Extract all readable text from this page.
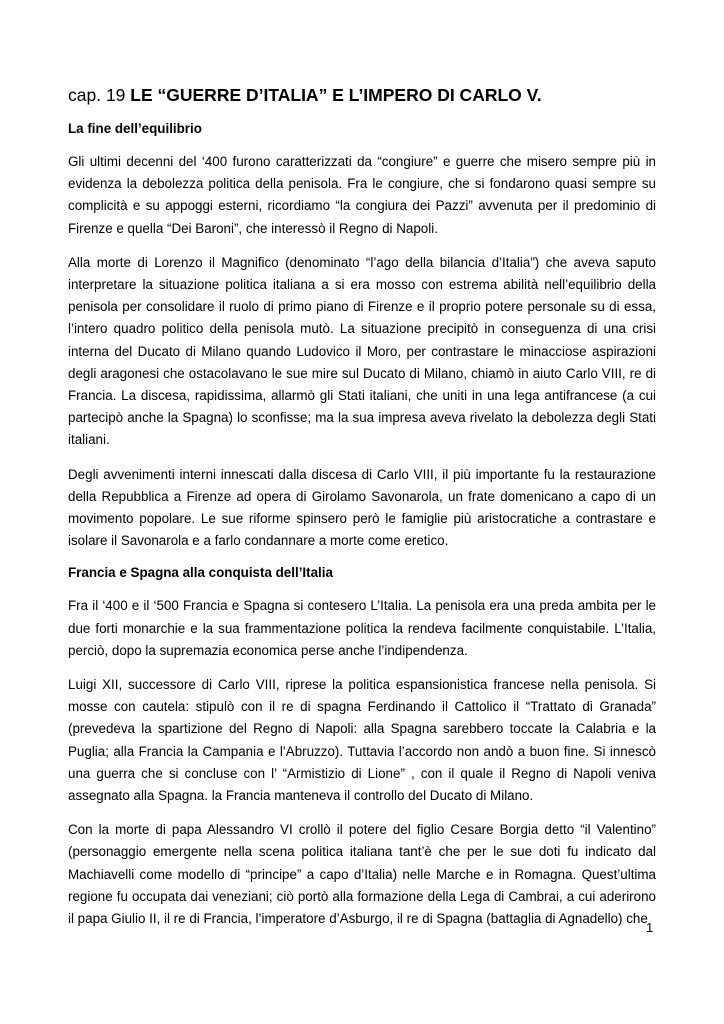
cap. 19 LE “GUERRE D’ITALIA” E L’IMPERO DI CARLO V.
La fine dell’equilibrio

Gli ultimi decenni del ‘400 furono caratterizzati da “congiure” e guerre che misero sempre più in evidenza la debolezza politica della penisola. Fra le congiure, che si fondarono quasi sempre su complicità e su appoggi esterni, ricordiamo “la congiura dei Pazzi” avvenuta per il predominio di Firenze e quella “Dei Baroni”, che interessò il Regno di Napoli.

Alla morte di Lorenzo il Magnifico (denominato “l’ago della bilancia d’Italia”) che aveva saputo interpretare la situazione politica italiana a si era mosso con estrema abilità nell’equilibrio della penisola per consolidare il ruolo di primo piano di Firenze e il proprio potere personale su di essa, l’intero quadro politico della penisola mutò. La situazione precipitò in conseguenza di una crisi interna del Ducato di Milano quando Ludovico il Moro, per contrastare le minacciose aspirazioni degli aragonesi che ostacolavano le sue mire sul Ducato di Milano, chiamò in aiuto Carlo VIII, re di Francia. La discesa, rapidissima, allarmò gli Stati italiani, che uniti in una lega antifrancese (a cui partecipò anche la Spagna) lo sconfisse; ma la sua impresa aveva rivelato la debolezza degli Stati italiani.

Degli avvenimenti interni innescati dalla discesa di Carlo VIII, il più importante fu la restaurazione della Repubblica a Firenze ad opera di Girolamo Savonarola, un frate domenicano a capo di un movimento popolare. Le sue riforme spinsero però le famiglie più aristocratiche a contrastare e isolare il Savonarola e a farlo condannare a morte come eretico.

Francia e Spagna alla conquista dell’Italia

Fra il ‘400 e il ‘500 Francia e Spagna si contesero L’Italia. La penisola era una preda ambita per le due forti monarchie e la sua frammentazione politica la rendeva facilmente conquistabile. L’Italia, perciò, dopo la supremazia economica perse anche l’indipendenza.

Luigi XII, successore di Carlo VIII, riprese la politica espansionistica francese nella penisola. Si mosse con cautela: stipulò con il re di spagna Ferdinando il Cattolico il “Trattato di Granada” (prevedeva la spartizione del Regno di Napoli: alla Spagna sarebbero toccate la Calabria e la Puglia; alla Francia la Campania e l’Abruzzo). Tuttavia l’accordo non andò a buon fine. Si innescò una guerra che si concluse con l’ “Armistizio di Lione” , con il quale il Regno di Napoli veniva assegnato alla Spagna. la Francia manteneva il controllo del Ducato di Milano.

Con la morte di papa Alessandro VI crollò il potere del figlio Cesare Borgia detto “il Valentino” (personaggio emergente nella scena politica italiana tant’è che per le sue doti fu indicato dal Machiavelli come modello di “principe” a capo d’Italia) nelle Marche e in Romagna. Quest’ultima regione fu occupata dai veneziani; ciò portò alla formazione della Lega di Cambrai, a cui aderirono il papa Giulio II, il re di Francia, l’imperatore d’Asburgo, il re di Spagna (battaglia di Agnadello) che

1
